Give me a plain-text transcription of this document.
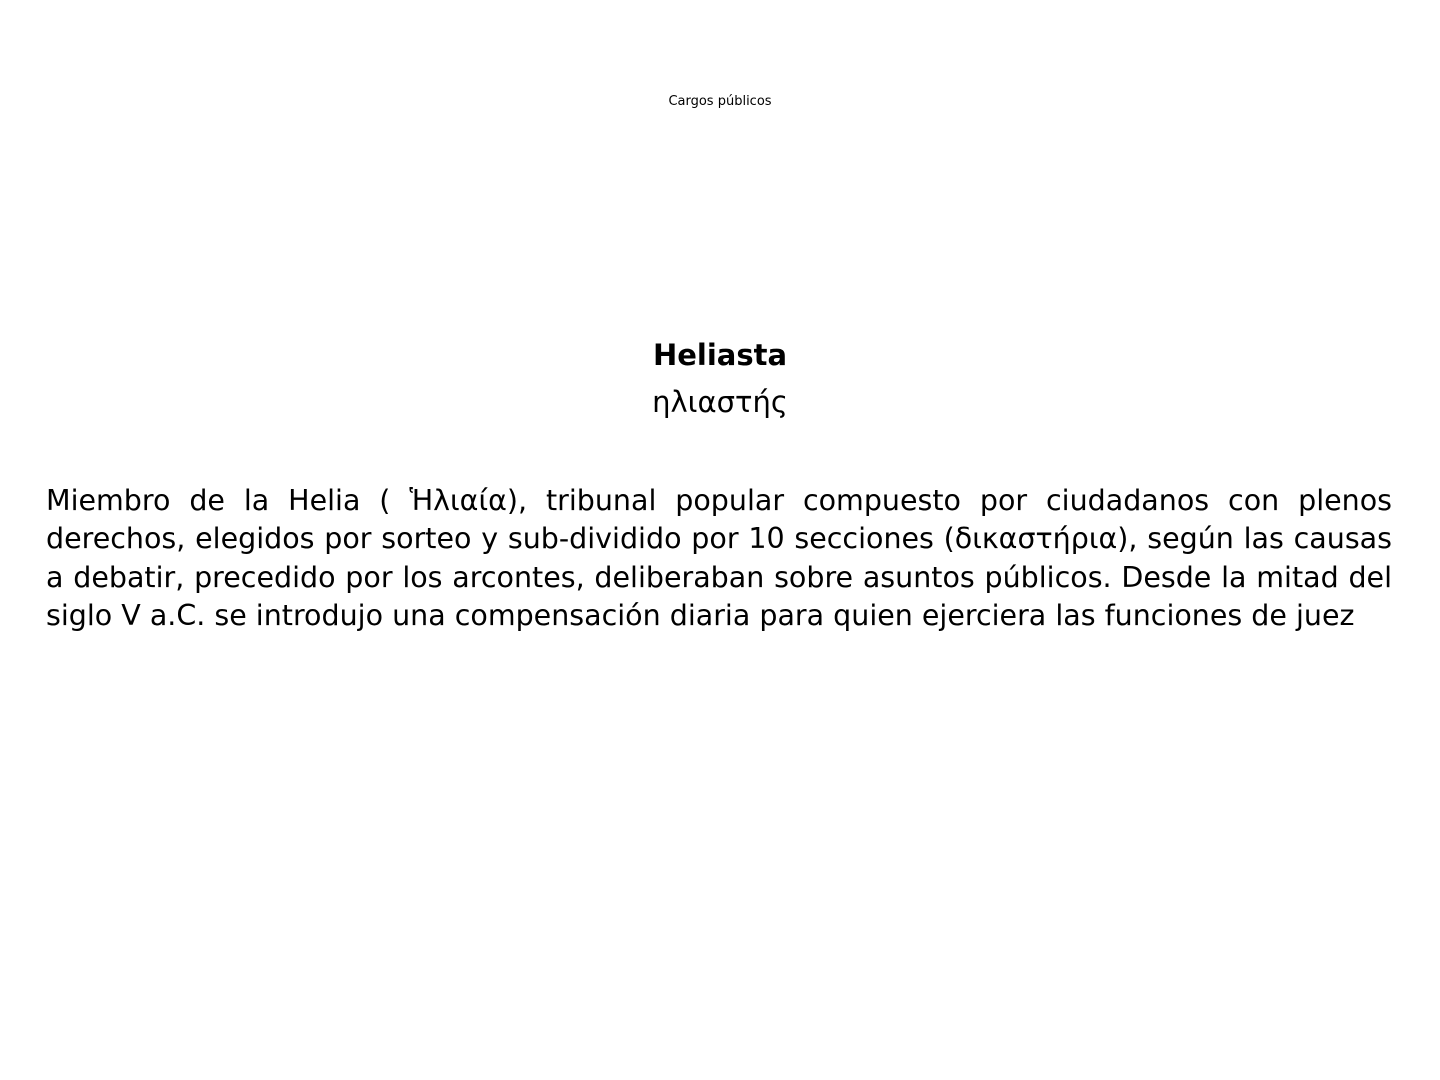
Cargos públicos
Heliasta
ηλιαστής
Miembro de la Helia ( Ἡλιαία), tribunal popular compuesto por ciudadanos con plenos
derechos, elegidos por sorteo y sub-dividido por 10 secciones (δικαστήρια), según las causas
a debatir, precedido por los arcontes, deliberaban sobre asuntos públicos. Desde la mitad del
siglo V a.C. se introdujo una compensación diaria para quien ejerciera las funciones de juez
